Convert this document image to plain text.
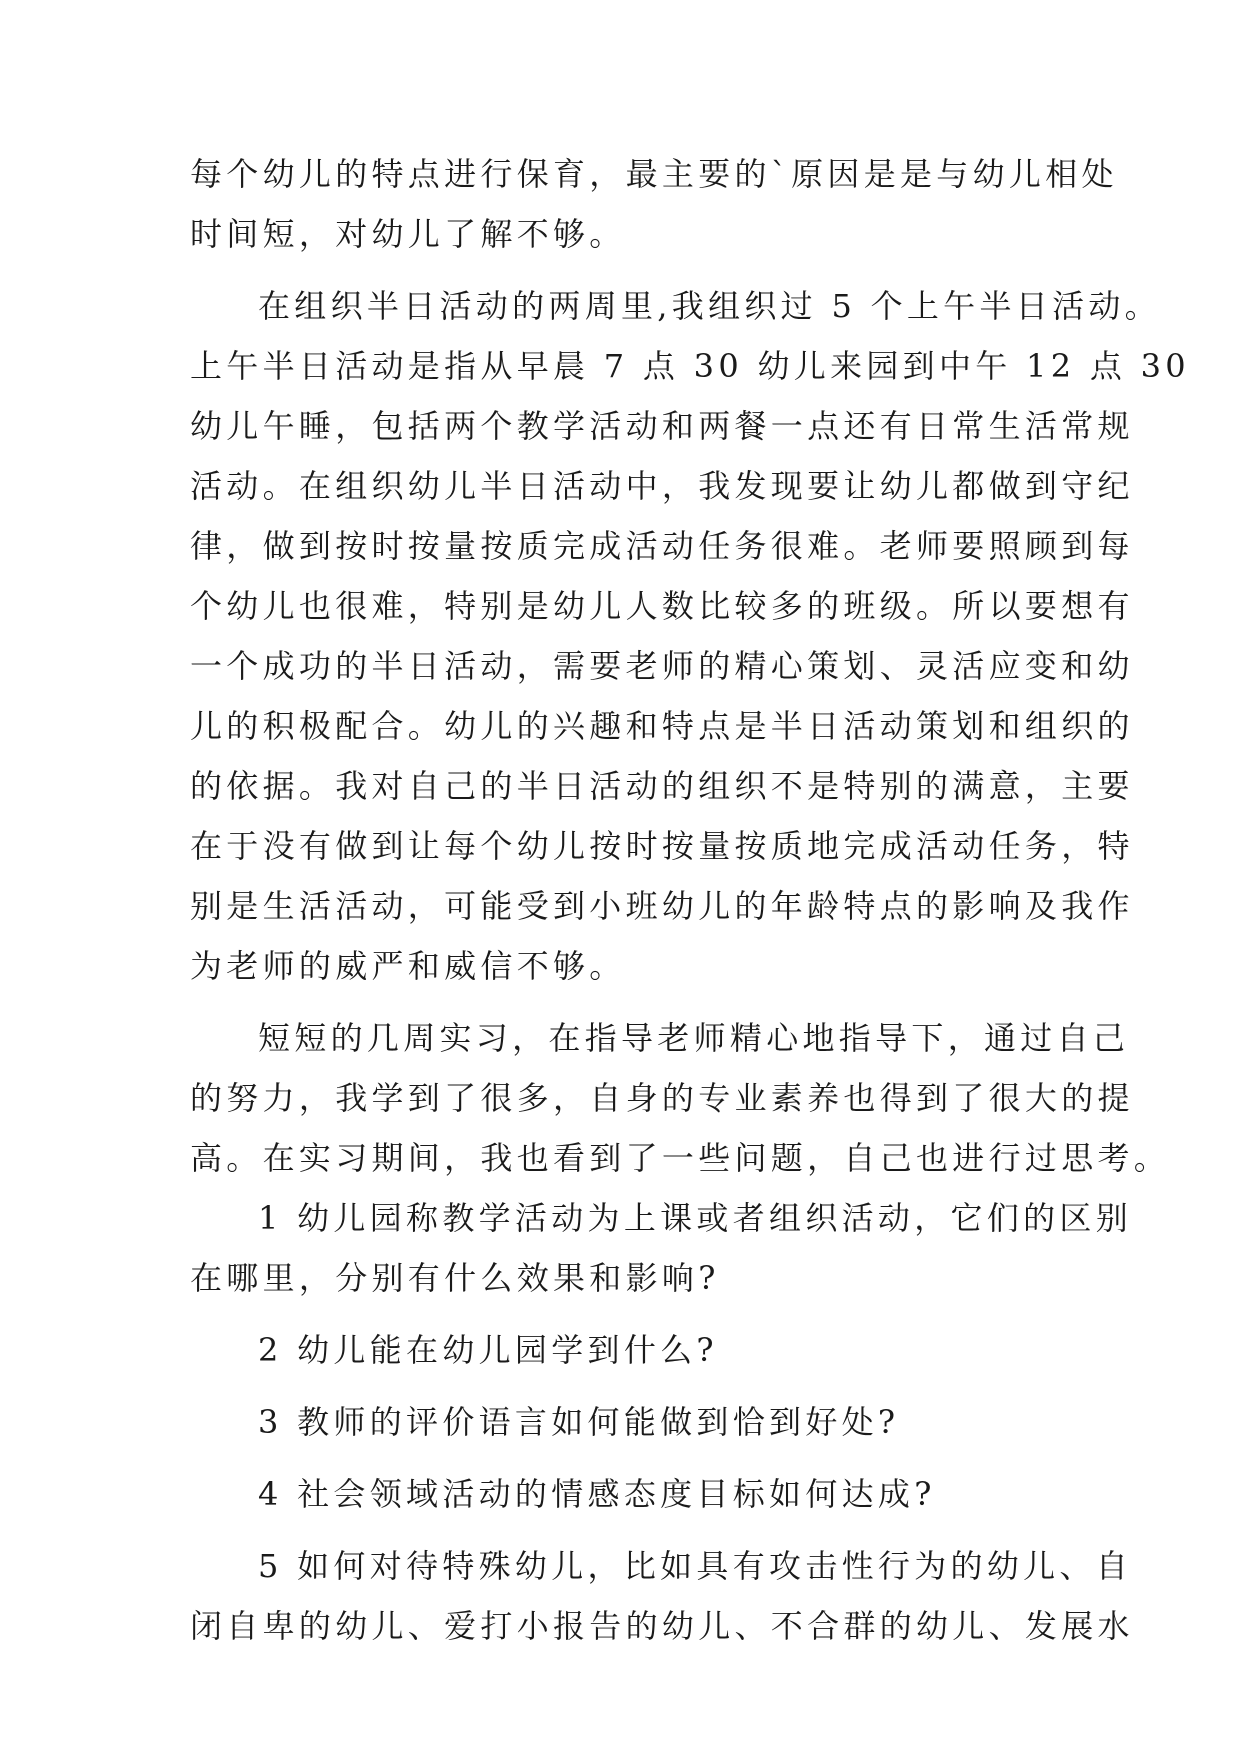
每个幼儿的特点进行保育，最主要的`原因是是与幼儿相处
时间短，对幼儿了解不够。
在组织半日活动的两周里,我组织过 5 个上午半日活动。
上午半日活动是指从早晨 7 点 30 幼儿来园到中午 12 点 30
幼儿午睡，包括两个教学活动和两餐一点还有日常生活常规
活动。在组织幼儿半日活动中，我发现要让幼儿都做到守纪
律，做到按时按量按质完成活动任务很难。老师要照顾到每
个幼儿也很难，特别是幼儿人数比较多的班级。所以要想有
一个成功的半日活动，需要老师的精心策划、灵活应变和幼
儿的积极配合。幼儿的兴趣和特点是半日活动策划和组织的
的依据。我对自己的半日活动的组织不是特别的满意，主要
在于没有做到让每个幼儿按时按量按质地完成活动任务，特
别是生活活动，可能受到小班幼儿的年龄特点的影响及我作
为老师的威严和威信不够。
短短的几周实习，在指导老师精心地指导下，通过自己
的努力，我学到了很多，自身的专业素养也得到了很大的提
高。在实习期间，我也看到了一些问题，自己也进行过思考。
1 幼儿园称教学活动为上课或者组织活动，它们的区别
在哪里，分别有什么效果和影响?
2 幼儿能在幼儿园学到什么?
3 教师的评价语言如何能做到恰到好处?
4 社会领域活动的情感态度目标如何达成?
5 如何对待特殊幼儿，比如具有攻击性行为的幼儿、自
闭自卑的幼儿、爱打小报告的幼儿、不合群的幼儿、发展水
